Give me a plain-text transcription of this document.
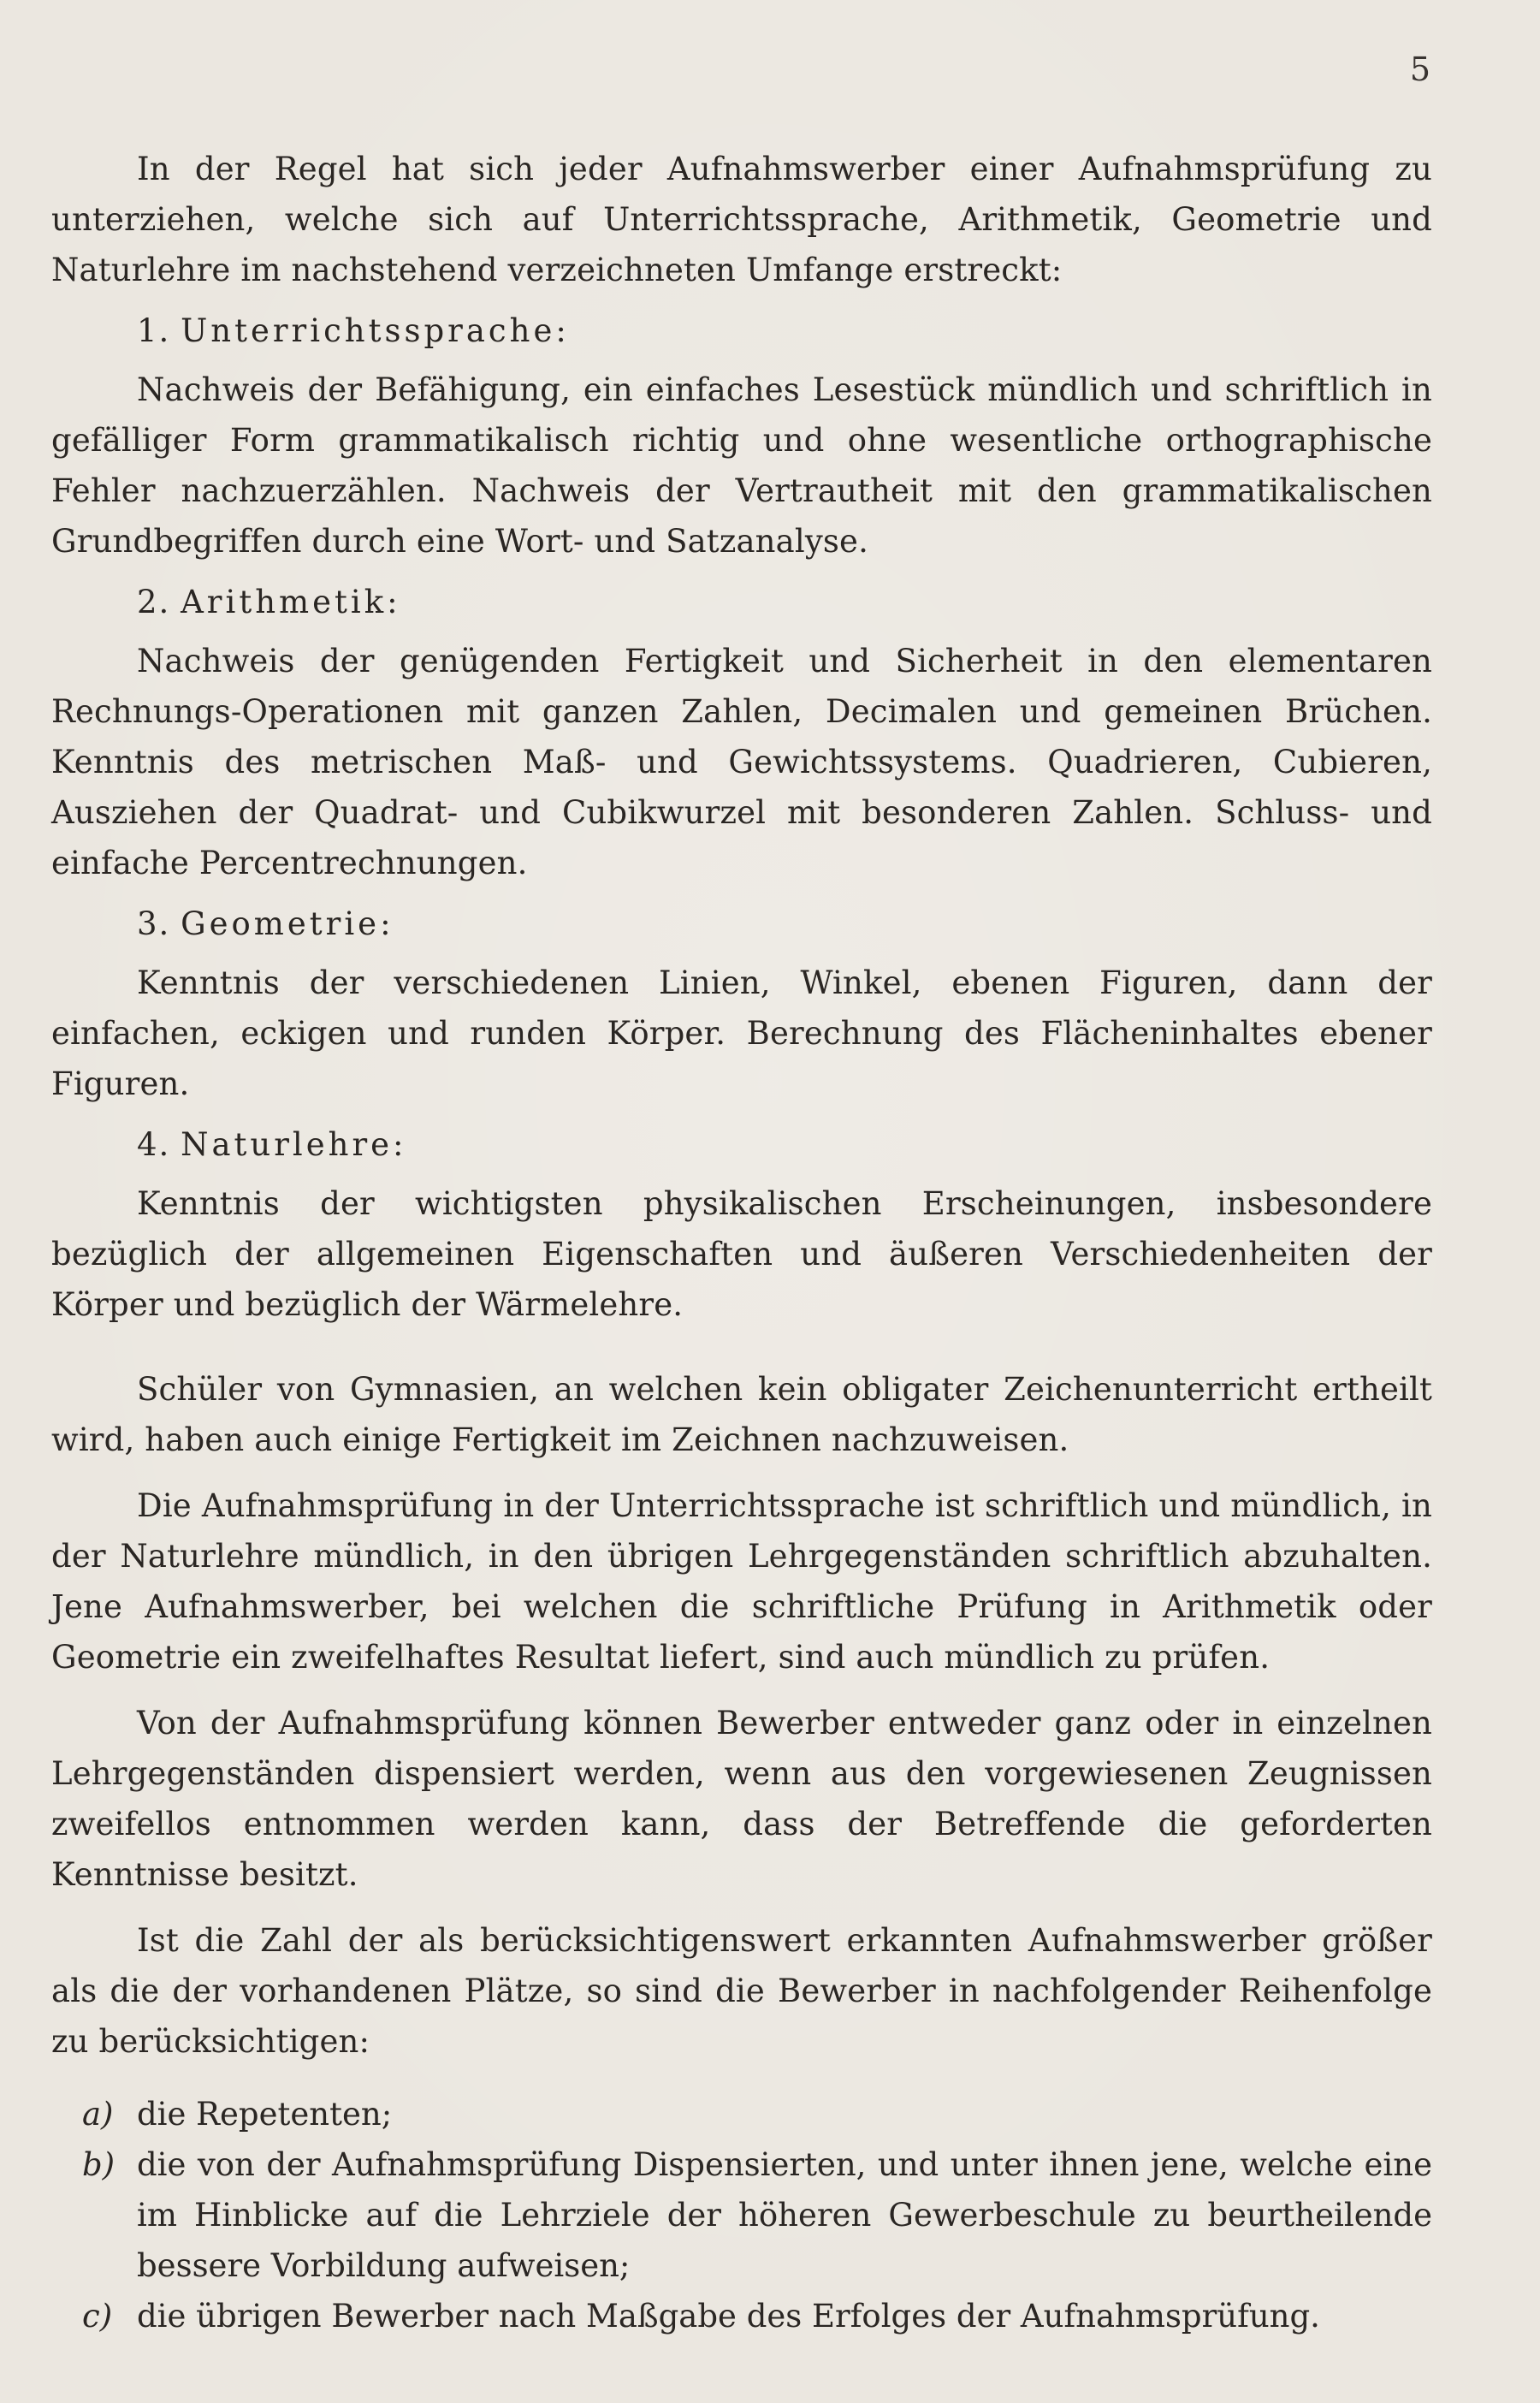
5

In der Regel hat sich jeder Aufnahmswerber einer Aufnahmsprüfung zu unterziehen, welche sich auf Unterrichtssprache, Arithmetik, Geometrie und Naturlehre im nachstehend verzeichneten Umfange erstreckt:

1. Unterrichtssprache:

Nachweis der Befähigung, ein einfaches Lesestück mündlich und schriftlich in gefälliger Form grammatikalisch richtig und ohne wesentliche orthographische Fehler nachzuerzählen. Nachweis der Vertrautheit mit den grammatikalischen Grundbegriffen durch eine Wort- und Satzanalyse.

2. Arithmetik:

Nachweis der genügenden Fertigkeit und Sicherheit in den elementaren Rechnungs-Operationen mit ganzen Zahlen, Decimalen und gemeinen Brüchen. Kenntnis des metrischen Maß- und Gewichtssystems. Quadrieren, Cubieren, Ausziehen der Quadrat- und Cubikwurzel mit besonderen Zahlen. Schluss- und einfache Percentrechnungen.

3. Geometrie:

Kenntnis der verschiedenen Linien, Winkel, ebenen Figuren, dann der einfachen, eckigen und runden Körper. Berechnung des Flächeninhaltes ebener Figuren.

4. Naturlehre:

Kenntnis der wichtigsten physikalischen Erscheinungen, insbesondere bezüglich der allgemeinen Eigenschaften und äußeren Verschiedenheiten der Körper und bezüglich der Wärmelehre.

Schüler von Gymnasien, an welchen kein obligater Zeichenunterricht ertheilt wird, haben auch einige Fertigkeit im Zeichnen nachzuweisen.

Die Aufnahmsprüfung in der Unterrichtssprache ist schriftlich und mündlich, in der Naturlehre mündlich, in den übrigen Lehrgegenständen schriftlich abzuhalten. Jene Aufnahmswerber, bei welchen die schriftliche Prüfung in Arithmetik oder Geometrie ein zweifelhaftes Resultat liefert, sind auch mündlich zu prüfen.

Von der Aufnahmsprüfung können Bewerber entweder ganz oder in einzelnen Lehrgegenständen dispensiert werden, wenn aus den vorgewiesenen Zeugnissen zweifellos entnommen werden kann, dass der Betreffende die geforderten Kenntnisse besitzt.

Ist die Zahl der als berücksichtigenswert erkannten Aufnahmswerber größer als die der vorhandenen Plätze, so sind die Bewerber in nachfolgender Reihenfolge zu berücksichtigen:

a) die Repetenten;
b) die von der Aufnahmsprüfung Dispensierten, und unter ihnen jene, welche eine im Hinblicke auf die Lehrziele der höheren Gewerbeschule zu beurtheilende bessere Vorbildung aufweisen;
c) die übrigen Bewerber nach Maßgabe des Erfolges der Aufnahmsprüfung.
